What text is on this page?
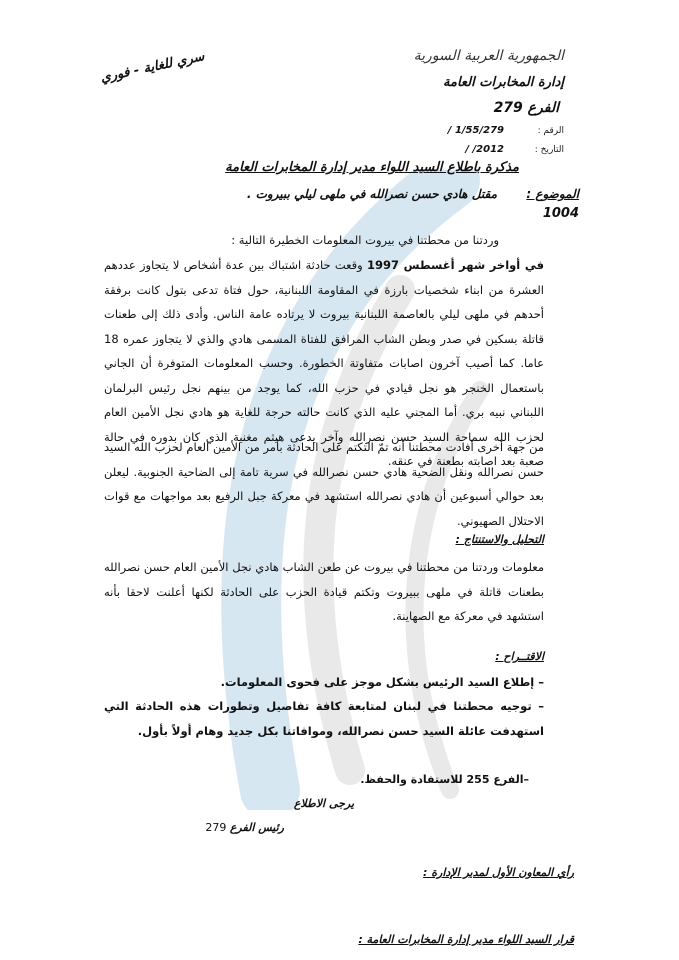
سري للغاية - فوري	الجمهورية العربية السورية
إدارة المخابرات العامة
الفرع 279
الرقم :
1/55/279 /
التاريخ :
2012/ /
مذكرة باطلاع السيد اللواء مدير إدارة المخابرات العامة
الموضوع :
مقتل هادي حسن نصرالله في ملهى ليلي ببيروت .
1004
وردتنا من محطتنا في بيروت المعلومات الخطيرة التالية :
في أواخر شهر أغسطس 1997 وقعت حادثة اشتباك بين عدة أشخاص لا يتجاوز عددهم العشرة من ابناء شخصيات بارزة في المقاومة اللبنانية، حول فتاة تدعى بتول كانت برفقة أحدهم في ملهى ليلي بالعاصمة اللبنانية بيروت لا يرتاده عامة الناس. وأدى ذلك إلى طعنات قاتلة بسكين في صدر وبطن الشاب المرافق للفتاة المسمى هادي والذي لا يتجاوز عمره 18 عاما. كما أصيب آخرون اصابات متفاوتة الخطورة. وحسب المعلومات المتوفرة أن الجاني باستعمال الخنجر هو نجل قيادي في حزب الله، كما يوجد من بينهم نجل رئيس البرلمان اللبناني نبيه بري. أما المجني عليه الذي كانت حالته حرجة للغاية هو هادي نجل الأمين العام لحزب الله سماحة السيد حسن نصرالله وآخر يدعى هيثم مغنية الذي كان بدوره في حالة صعبة بعد اصابته بطعنة في عنقه.
من جهة أخرى أفادت محطتنا أنه تمّ التكتم على الحادثة بأمر من الأمين العام لحزب الله السيد حسن نصرالله ونقل الضحية هادي حسن نصرالله في سرية تامة إلى الضاحية الجنوبية. ليعلن بعد حوالي أسبوعين أن هادي نصرالله استشهد في معركة جبل الرفيع بعد مواجهات مع قوات الاحتلال الصهيوني.
التحليل والاستنتاج :
معلومات وردتنا من محطتنا في بيروت عن طعن الشاب هادي نجل الأمين العام حسن نصرالله بطعنات قاتلة في ملهى ببيروت وتكتم قيادة الحزب على الحادثة لكنها أعلنت لاحقا بأنه استشهد في معركة مع الصهاينة.
الاقتــراح :
– إطلاع السيد الرئيس بشكل موجز على فحوى المعلومات.
– توجيه محطتنا في لبنان لمتابعة كافة تفاصيل وتطورات هذه الحادثة التي استهدفت عائلة السيد حسن نصرالله، وموافاتنا بكل جديد وهام أولاً بأول.
–الفرع 255 للاستفادة والحفظ.
يرجى الاطلاع
رئيس الفرع 279
رأي المعاون الأول لمدير الإدارة :
قرار السيد اللواء مدير إدارة المخابرات العامة :
